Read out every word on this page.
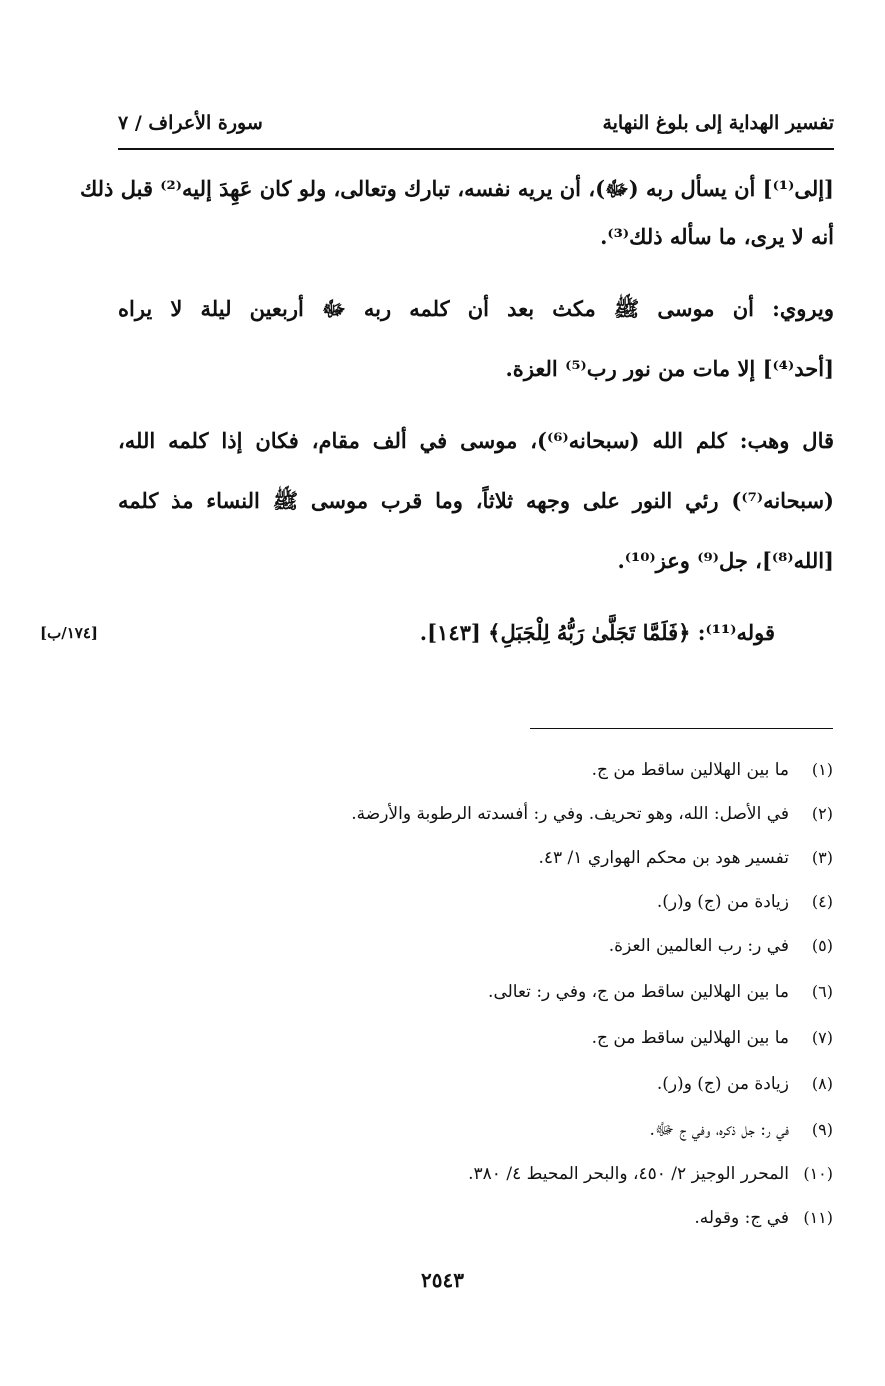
تفسير الهداية إلى بلوغ النهاية
سورة الأعراف / ٧
[إلى⁽¹⁾] أن يسأل ربه (ﷻ)، أن يريه نفسه، تبارك وتعالى، ولو كان عَهِدَ إليه⁽²⁾ قبل ذلك
أنه لا يرى، ما سأله ذلك⁽³⁾.
ويروي: أن موسى ﷺ مكث بعد أن كلمه ربه ﷻ أربعين ليلة لا يراه
[أحد⁽⁴⁾] إلا مات من نور رب⁽⁵⁾ العزة.
قال وهب: كلم الله (سبحانه⁽⁶⁾)، موسى في ألف مقام، فكان إذا كلمه الله،
(سبحانه⁽⁷⁾) رئي النور على وجهه ثلاثاً، وما قرب موسى ﷺ النساء مذ كلمه
[الله⁽⁸⁾]، جل⁽⁹⁾ وعز⁽¹⁰⁾.
قوله⁽¹¹⁾: ﴿فَلَمَّا تَجَلَّىٰ رَبُّهُ لِلْجَبَلِ﴾ [١٤٣].
[١٧٤/ب]
(١)ما بين الهلالين ساقط من ج.
(٢)في الأصل: الله، وهو تحريف. وفي ر: أفسدته الرطوبة والأرضة.
(٣)تفسير هود بن محكم الهواري ١/ ٤٣.
(٤)زيادة من (ج) و(ر).
(٥)في ر: رب العالمين العزة.
(٦)ما بين الهلالين ساقط من ج، وفي ر: تعالى.
(٧)ما بين الهلالين ساقط من ج.
(٨)زيادة من (ج) و(ر).
(٩)في ر: جل ذكره، وفي ج ﷻ.
(١٠)المحرر الوجيز ٢/ ٤٥٠، والبحر المحيط ٤/ ٣٨٠.
(١١)في ج: وقوله.
٢٥٤٣
